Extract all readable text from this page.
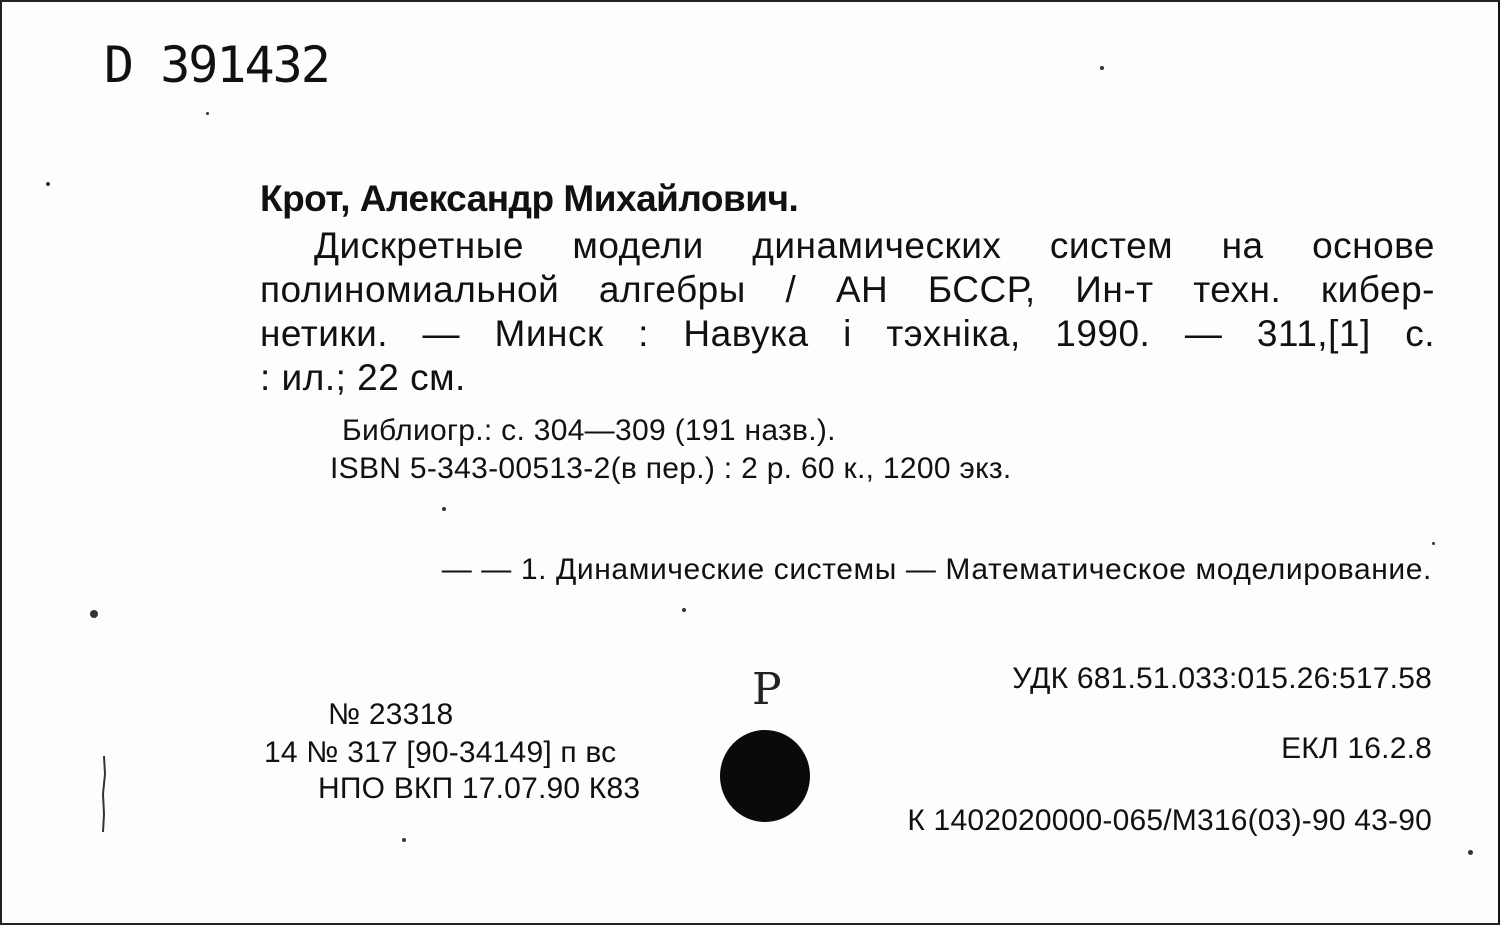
D 391432
Крот, Александр Михайлович.
Дискретные модели динамических систем на основе
полиномиальной алгебры / АН БССР, Ин-т техн. кибер-
нетики. — Минск : Навука і тэхніка, 1990. — 311,[1] с.
: ил.; 22 см.
Библиогр.: с. 304—309 (191 назв.).
ISBN 5-343-00513-2(в пер.) : 2 р. 60 к., 1200 экз.
— — 1. Динамические системы — Математическое моделирование.
УДК 681.51.033:015.26:517.58
ЕКЛ 16.2.8
К 1402020000-065/М316(03)-90 43-90
№ 23318
14 № 317 [90-34149] п вс
НПО ВКП 17.07.90 К83
Р
